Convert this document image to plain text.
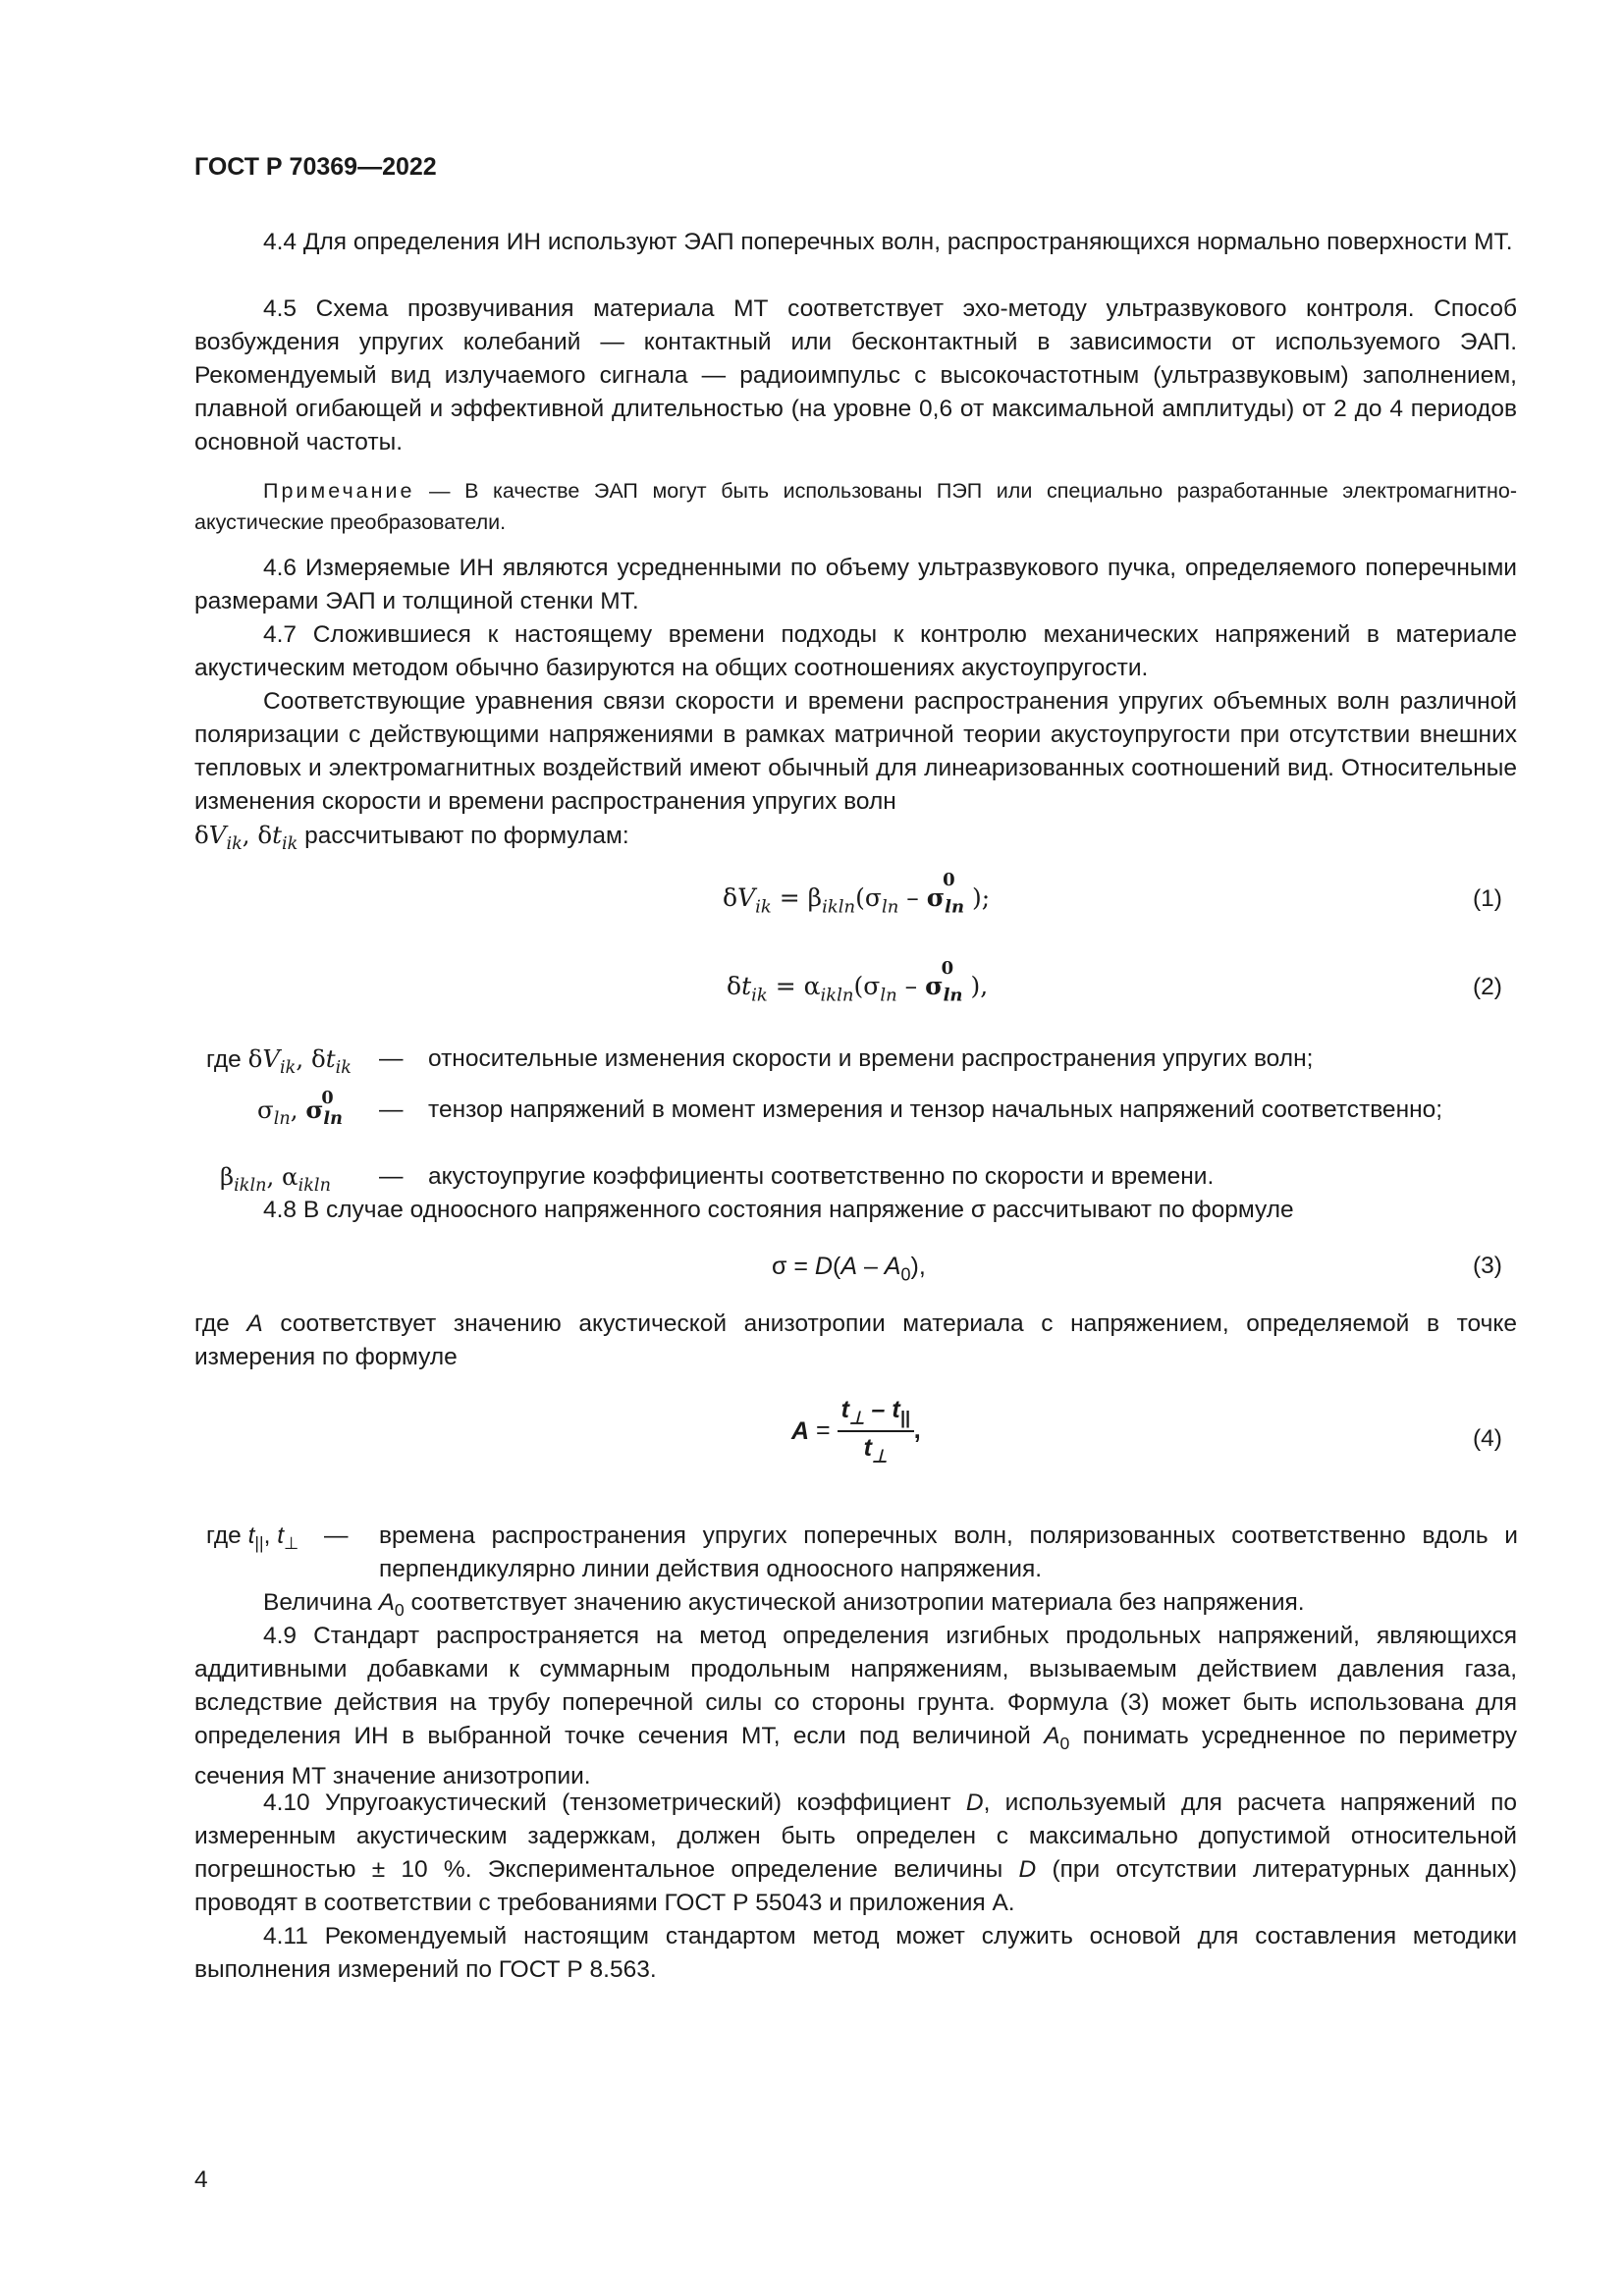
ГОСТ Р 70369—2022
4.4 Для определения ИН используют ЭАП поперечных волн, распространяющихся нормально поверхности МТ.
4.5 Схема прозвучивания материала МТ соответствует эхо-методу ультразвукового контроля. Способ возбуждения упругих колебаний — контактный или бесконтактный в зависимости от используемого ЭАП. Рекомендуемый вид излучаемого сигнала — радиоимпульс с высокочастотным (ультразвуковым) заполнением, плавной огибающей и эффективной длительностью (на уровне 0,6 от максимальной амплитуды) от 2 до 4 периодов основной частоты.
Примечание — В качестве ЭАП могут быть использованы ПЭП или специально разработанные электромагнитно-акустические преобразователи.
4.6 Измеряемые ИН являются усредненными по объему ультразвукового пучка, определяемого поперечными размерами ЭАП и толщиной стенки МТ.
4.7 Сложившиеся к настоящему времени подходы к контролю механических напряжений в материале акустическим методом обычно базируются на общих соотношениях акустоупругости.
Соответствующие уравнения связи скорости и времени распространения упругих объемных волн различной поляризации с действующими напряжениями в рамках матричной теории акустоупругости при отсутствии внешних тепловых и электромагнитных воздействий имеют обычный для линеаризованных соотношений вид. Относительные изменения скорости и времени распространения упругих волн
$\delta V_{ik}$, $\delta t_{ik}$ рассчитывают по формулам:
$\delta V_{ik} = \beta_{ikln}(\sigma_{ln} - \sigma_{ln}$
0
);	(1)
$\delta t_{ik} = \alpha_{ikln}(\sigma_{ln} - \sigma_{ln}$
0
),	(2)
где $\delta V_{ik}$, $\delta t_{ik}$ — относительные изменения скорости и времени распространения упругих волн;
$\sigma_{ln}$, $\sigma_{ln}$
0 — тензор напряжений в момент измерения и тензор начальных напряжений соответственно;
$\beta_{ikln}$, $\alpha_{ikln}$ — акустоупругие коэффициенты соответственно по скорости и времени.
4.8 В случае одноосного напряженного состояния напряжение σ рассчитывают по формуле
$\sigma = D(A - A_0)$,	(3)
где A соответствует значению акустической анизотропии материала с напряжением, определяемой в точке измерения по формуле
$A = \frac{t_\perp - t_{||}}{t_\perp}$ ,	(4)
где $t_{||}$, $t_\perp$ — времена распространения упругих поперечных волн, поляризованных соответственно вдоль и перпендикулярно линии действия одноосного напряжения.
Величина $A_0$ соответствует значению акустической анизотропии материала без напряжения.
4.9 Стандарт распространяется на метод определения изгибных продольных напряжений, являющихся аддитивными добавками к суммарным продольным напряжениям, вызываемым действием давления газа, вследствие действия на трубу поперечной силы со стороны грунта. Формула (3) может быть использована для определения ИН в выбранной точке сечения МТ, если под величиной $A_0$ понимать усредненное по периметру сечения МТ значение анизотропии.
4.10 Упругоакустический (тензометрический) коэффициент D, используемый для расчета напряжений по измеренным акустическим задержкам, должен быть определен с максимально допустимой относительной погрешностью ± 10 %. Экспериментальное определение величины D (при отсутствии литературных данных) проводят в соответствии с требованиями ГОСТ Р 55043 и приложения А.
4.11 Рекомендуемый настоящим стандартом метод может служить основой для составления методики выполнения измерений по ГОСТ Р 8.563.
4
